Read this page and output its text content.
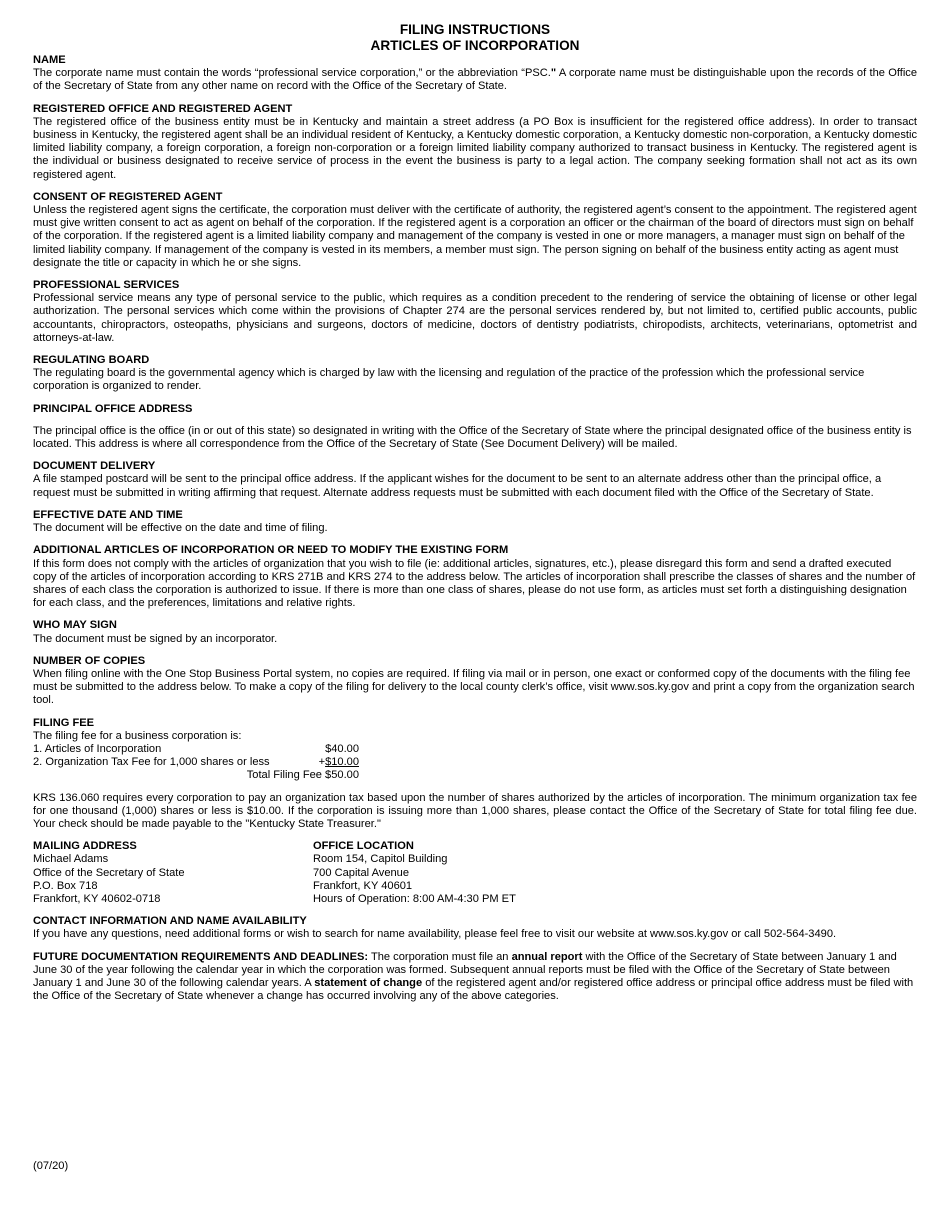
FILING INSTRUCTIONS

ARTICLES OF INCORPORATION

NAME

The corporate name must contain the words “professional service corporation,” or the abbreviation “PSC." A corporate name must be distinguishable upon the records of the Office of the Secretary of State from any other name on record with the Office of the Secretary of State.

REGISTERED OFFICE AND REGISTERED AGENT

The registered office of the business entity must be in Kentucky and maintain a street address (a PO Box is insufficient for the registered office address). In order to transact business in Kentucky, the registered agent shall be an individual resident of Kentucky, a Kentucky domestic corporation, a Kentucky domestic non-corporation, a Kentucky domestic limited liability company, a foreign corporation, a foreign non-corporation or a foreign limited liability company authorized to transact business in Kentucky. The registered agent is the individual or business designated to receive service of process in the event the business is party to a legal action. The company seeking formation shall not act as its own registered agent.

CONSENT OF REGISTERED AGENT

Unless the registered agent signs the certificate, the corporation must deliver with the certificate of authority, the registered agent’s consent to the appointment. The registered agent must give written consent to act as agent on behalf of the corporation. If the registered agent is a corporation an officer or the chairman of the board of directors must sign on behalf of the corporation. If the registered agent is a limited liability company and management of the company is vested in one or more managers, a manager must sign on behalf of the limited liability company. If management of the company is vested in its members, a member must sign. The person signing on behalf of the business entity acting as agent must designate the title or capacity in which he or she signs.

PROFESSIONAL SERVICES

Professional service means any type of personal service to the public, which requires as a condition precedent to the rendering of service the obtaining of license or other legal authorization. The personal services which come within the provisions of Chapter 274 are the personal services rendered by, but not limited to, certified public accounts, public accountants, chiropractors, osteopaths, physicians and surgeons, doctors of medicine, doctors of dentistry podiatrists, chiropodists, architects, veterinarians, optometrist and attorneys-at-law.

REGULATING BOARD

The regulating board is the governmental agency which is charged by law with the licensing and regulation of the practice of the profession which the professional service corporation is organized to render.

PRINCIPAL OFFICE ADDRESS

The principal office is the office (in or out of this state) so designated in writing with the Office of the Secretary of State where the principal designated office of the business entity is located. This address is where all correspondence from the Office of the Secretary of State (See Document Delivery) will be mailed.

DOCUMENT DELIVERY

A file stamped postcard will be sent to the principal office address. If the applicant wishes for the document to be sent to an alternate address other than the principal office, a request must be submitted in writing affirming that request. Alternate address requests must be submitted with each document filed with the Office of the Secretary of State.

EFFECTIVE DATE AND TIME

The document will be effective on the date and time of filing.

ADDITIONAL ARTICLES OF INCORPORATION OR NEED TO MODIFY THE EXISTING FORM

If this form does not comply with the articles of organization that you wish to file (ie: additional articles, signatures, etc.), please disregard this form and send a drafted executed copy of the articles of incorporation according to KRS 271B and KRS 274 to the address below. The articles of incorporation shall prescribe the classes of shares and the number of shares of each class the corporation is authorized to issue. If there is more than one class of shares, please do not use form, as articles must set forth a distinguishing designation for each class, and the preferences, limitations and relative rights.

WHO MAY SIGN

The document must be signed by an incorporator.

NUMBER OF COPIES

When filing online with the One Stop Business Portal system, no copies are required. If filing via mail or in person, one exact or conformed copy of the documents with the filing fee must be submitted to the address below. To make a copy of the filing for delivery to the local county clerk’s office, visit www.sos.ky.gov and print a copy from the organization search tool.

FILING FEE

The filing fee for a business corporation is:

1. Articles of Incorporation	$40.00
2. Organization Tax Fee for 1,000 shares or less	+$10.00
Total Filing Fee $50.00

KRS 136.060 requires every corporation to pay an organization tax based upon the number of shares authorized by the articles of incorporation. The minimum organization tax fee for one thousand (1,000) shares or less is $10.00. If the corporation is issuing more than 1,000 shares, please contact the Office of the Secretary of State for total filing fee due. Your check should be made payable to the "Kentucky State Treasurer."

MAILING ADDRESS

Michael Adams

Office of the Secretary of State

P.O. Box 718

Frankfort, KY 40602-0718

OFFICE LOCATION

Room 154, Capitol Building

700 Capital Avenue

Frankfort, KY 40601

Hours of Operation: 8:00 AM-4:30 PM ET

CONTACT INFORMATION AND NAME AVAILABILITY

If you have any questions, need additional forms or wish to search for name availability, please feel free to visit our website at www.sos.ky.gov or call 502-564-3490.

FUTURE DOCUMENTATION REQUIREMENTS AND DEADLINES: The corporation must file an annual report with the Office of the Secretary of State between January 1 and June 30 of the year following the calendar year in which the corporation was formed. Subsequent annual reports must be filed with the Office of the Secretary of State between January 1 and June 30 of the following calendar years. A statement of change of the registered agent and/or registered office address or principal office address must be filed with the Office of the Secretary of State whenever a change has occurred involving any of the above categories.

(07/20)
